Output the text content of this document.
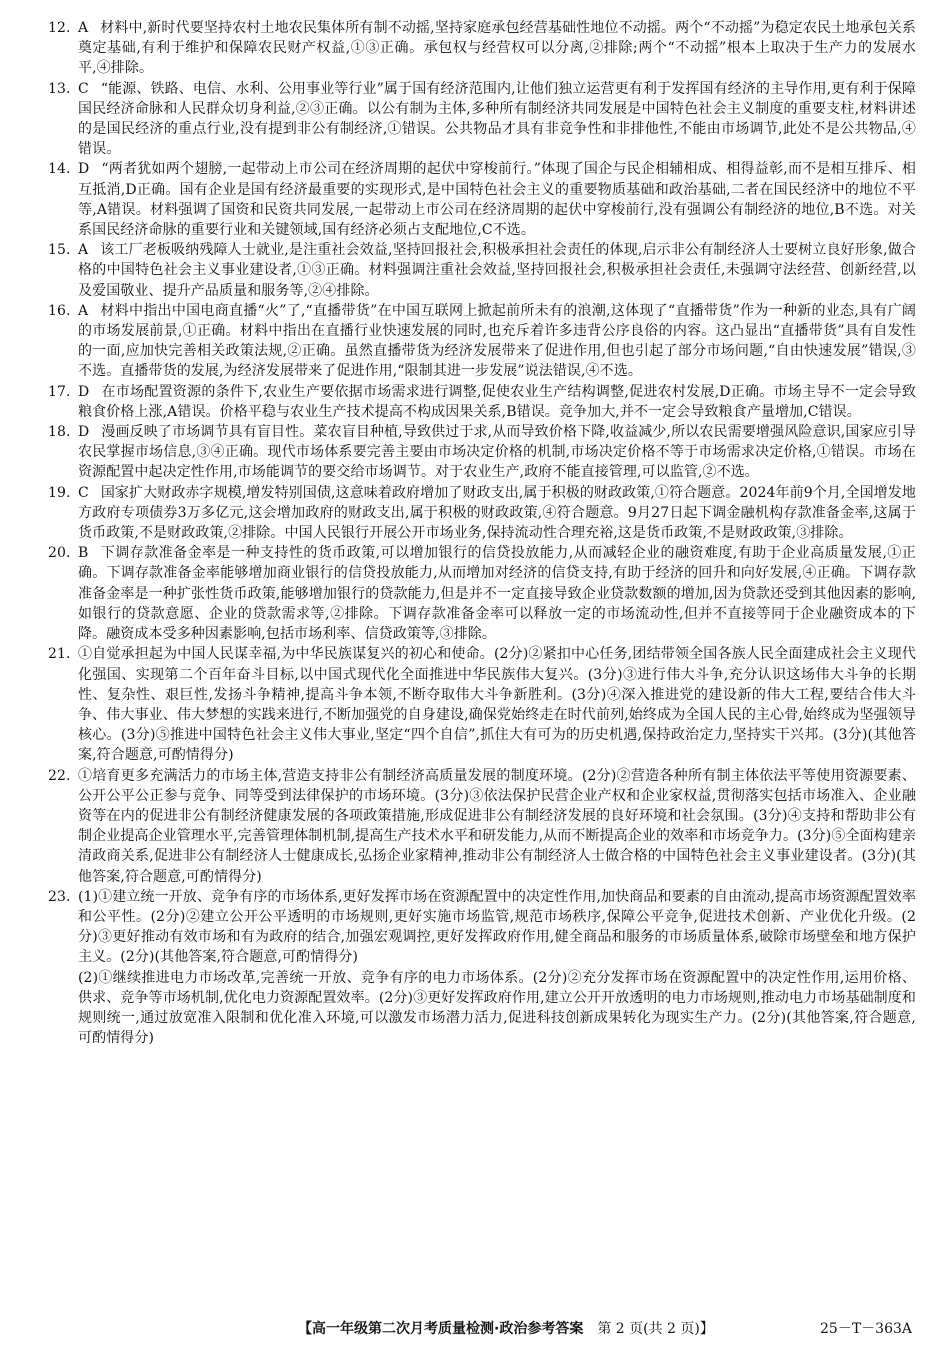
12. A 材料中,新时代要坚持农村土地农民集体所有制不动摇,坚持家庭承包经营基础性地位不动摇。两个“不动摇”为稳定农民土地承包关系奠定基础,有利于维护和保障农民财产权益,①③正确。承包权与经营权可以分离,②排除;两个“不动摇”根本上取决于生产力的发展水平,④排除。
13. C “能源、铁路、电信、水利、公用事业等行业”属于国有经济范围内,让他们独立运营更有利于发挥国有经济的主导作用,更有利于保障国民经济命脉和人民群众切身利益,②③正确。以公有制为主体,多种所有制经济共同发展是中国特色社会主义制度的重要支柱,材料讲述的是国民经济的重点行业,没有提到非公有制经济,①错误。公共物品才具有非竞争性和非排他性,不能由市场调节,此处不是公共物品,④错误。
14. D “两者犹如两个翅膀,一起带动上市公司在经济周期的起伏中穿梭前行。”体现了国企与民企相辅相成、相得益彰,而不是相互排斥、相互抵消,D正确。国有企业是国有经济最重要的实现形式,是中国特色社会主义的重要物质基础和政治基础,二者在国民经济中的地位不平等,A错误。材料强调了国资和民资共同发展,一起带动上市公司在经济周期的起伏中穿梭前行,没有强调公有制经济的地位,B不选。对关系国民经济命脉的重要行业和关键领域,国有经济必须占支配地位,C不选。
15. A 该工厂老板吸纳残障人士就业,是注重社会效益,坚持回报社会,积极承担社会责任的体现,启示非公有制经济人士要树立良好形象,做合格的中国特色社会主义事业建设者,①③正确。材料强调注重社会效益,坚持回报社会,积极承担社会责任,未强调守法经营、创新经营,以及爱国敬业、提升产品质量和服务等,②④排除。
16. A 材料中指出中国电商直播“火”了,“直播带货”在中国互联网上掀起前所未有的浪潮,这体现了“直播带货”作为一种新的业态,具有广阔的市场发展前景,①正确。材料中指出在直播行业快速发展的同时,也充斥着许多违背公序良俗的内容。这凸显出“直播带货”具有自发性的一面,应加快完善相关政策法规,②正确。虽然直播带货为经济发展带来了促进作用,但也引起了部分市场问题,“自由快速发展”错误,③不选。直播带货的发展,为经济发展带来了促进作用,“限制其进一步发展”说法错误,④不选。
17. D 在市场配置资源的条件下,农业生产要依据市场需求进行调整,促使农业生产结构调整,促进农村发展,D正确。市场主导不一定会导致粮食价格上涨,A错误。价格平稳与农业生产技术提高不构成因果关系,B错误。竞争加大,并不一定会导致粮食产量增加,C错误。
18. D 漫画反映了市场调节具有盲目性。菜农盲目种植,导致供过于求,从而导致价格下降,收益减少,所以农民需要增强风险意识,国家应引导农民掌握市场信息,③④正确。现代市场体系要完善主要由市场决定价格的机制,市场决定价格不等于市场需求决定价格,①错误。市场在资源配置中起决定性作用,市场能调节的要交给市场调节。对于农业生产,政府不能直接管理,可以监管,②不选。
19. C 国家扩大财政赤字规模,增发特别国债,这意味着政府增加了财政支出,属于积极的财政政策,①符合题意。2024年前9个月,全国增发地方政府专项债券3万多亿元,这会增加政府的财政支出,属于积极的财政政策,④符合题意。9月27日起下调金融机构存款准备金率,这属于货币政策,不是财政政策,②排除。中国人民银行开展公开市场业务,保持流动性合理充裕,这是货币政策,不是财政政策,③排除。
20. B 下调存款准备金率是一种支持性的货币政策,可以增加银行的信贷投放能力,从而减轻企业的融资难度,有助于企业高质量发展,①正确。下调存款准备金率能够增加商业银行的信贷投放能力,从而增加对经济的信贷支持,有助于经济的回升和向好发展,④正确。下调存款准备金率是一种扩张性货币政策,能够增加银行的贷款能力,但是并不一定直接导致企业贷款数额的增加,因为贷款还受到其他因素的影响,如银行的贷款意愿、企业的贷款需求等,②排除。下调存款准备金率可以释放一定的市场流动性,但并不直接等同于企业融资成本的下降。融资成本受多种因素影响,包括市场利率、信贷政策等,③排除。
21. ①自觉承担起为中国人民谋幸福,为中华民族谋复兴的初心和使命。(2分)②紧扣中心任务,团结带领全国各族人民全面建成社会主义现代化强国、实现第二个百年奋斗目标,以中国式现代化全面推进中华民族伟大复兴。(3分)③进行伟大斗争,充分认识这场伟大斗争的长期性、复杂性、艰巨性,发扬斗争精神,提高斗争本领,不断夺取伟大斗争新胜利。(3分)④深入推进党的建设新的伟大工程,要结合伟大斗争、伟大事业、伟大梦想的实践来进行,不断加强党的自身建设,确保党始终走在时代前列,始终成为全国人民的主心骨,始终成为坚强领导核心。(3分)⑤推进中国特色社会主义伟大事业,坚定“四个自信”,抓住大有可为的历史机遇,保持政治定力,坚持实干兴邦。(3分)(其他答案,符合题意,可酌情得分)
22. ①培育更多充满活力的市场主体,营造支持非公有制经济高质量发展的制度环境。(2分)②营造各种所有制主体依法平等使用资源要素、公开公平公正参与竞争、同等受到法律保护的市场环境。(3分)③依法保护民营企业产权和企业家权益,贯彻落实包括市场准入、企业融资等在内的促进非公有制经济健康发展的各项政策措施,形成促进非公有制经济发展的良好环境和社会氛围。(3分)④支持和帮助非公有制企业提高企业管理水平,完善管理体制机制,提高生产技术水平和研发能力,从而不断提高企业的效率和市场竞争力。(3分)⑤全面构建亲清政商关系,促进非公有制经济人士健康成长,弘扬企业家精神,推动非公有制经济人士做合格的中国特色社会主义事业建设者。(3分)(其他答案,符合题意,可酌情得分)
23. (1)①建立统一开放、竞争有序的市场体系,更好发挥市场在资源配置中的决定性作用,加快商品和要素的自由流动,提高市场资源配置效率和公平性。(2分)②建立公开公平透明的市场规则,更好实施市场监管,规范市场秩序,保障公平竞争,促进技术创新、产业优化升级。(2分)③更好推动有效市场和有为政府的结合,加强宏观调控,更好发挥政府作用,健全商品和服务的市场质量体系,破除市场壁垒和地方保护主义。(2分)(其他答案,符合题意,可酌情得分)
(2)①继续推进电力市场改革,完善统一开放、竞争有序的电力市场体系。(2分)②充分发挥市场在资源配置中的决定性作用,运用价格、供求、竞争等市场机制,优化电力资源配置效率。(2分)③更好发挥政府作用,建立公开开放透明的电力市场规则,推动电力市场基础制度和规则统一,通过放宽准入限制和优化准入环境,可以激发市场潜力活力,促进科技创新成果转化为现实生产力。(2分)(其他答案,符合题意,可酌情得分)
【高一年级第二次月考质量检测·政治参考答案 第 2 页(共 2 页)】	25－T－363A
